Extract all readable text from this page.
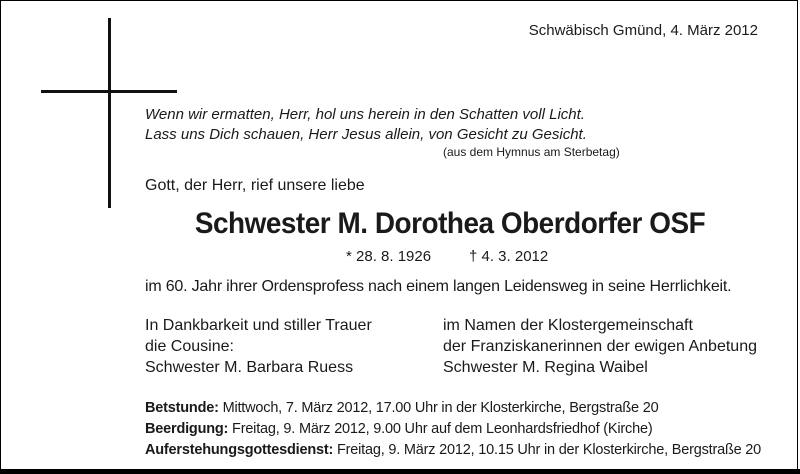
Schwäbisch Gmünd, 4. März 2012
Wenn wir ermatten, Herr, hol uns herein in den Schatten voll Licht.
Lass uns Dich schauen, Herr Jesus allein, von Gesicht zu Gesicht.
(aus dem Hymnus am Sterbetag)
Gott, der Herr, rief unsere liebe
Schwester M. Dorothea Oberdorfer OSF
* 28. 8. 1926	† 4. 3. 2012
im 60. Jahr ihrer Ordensprofess nach einem langen Leidensweg in seine Herrlichkeit.
In Dankbarkeit und stiller Trauer
die Cousine:
Schwester M. Barbara Ruess
im Namen der Klostergemeinschaft
der Franziskanerinnen der ewigen Anbetung
Schwester M. Regina Waibel
Betstunde: Mittwoch, 7. März 2012, 17.00 Uhr in der Klosterkirche, Bergstraße 20
Beerdigung: Freitag, 9. März 2012, 9.00 Uhr auf dem Leonhardsfriedhof (Kirche)
Auferstehungsgottesdienst: Freitag, 9. März 2012, 10.15 Uhr in der Klosterkirche, Bergstraße 20
